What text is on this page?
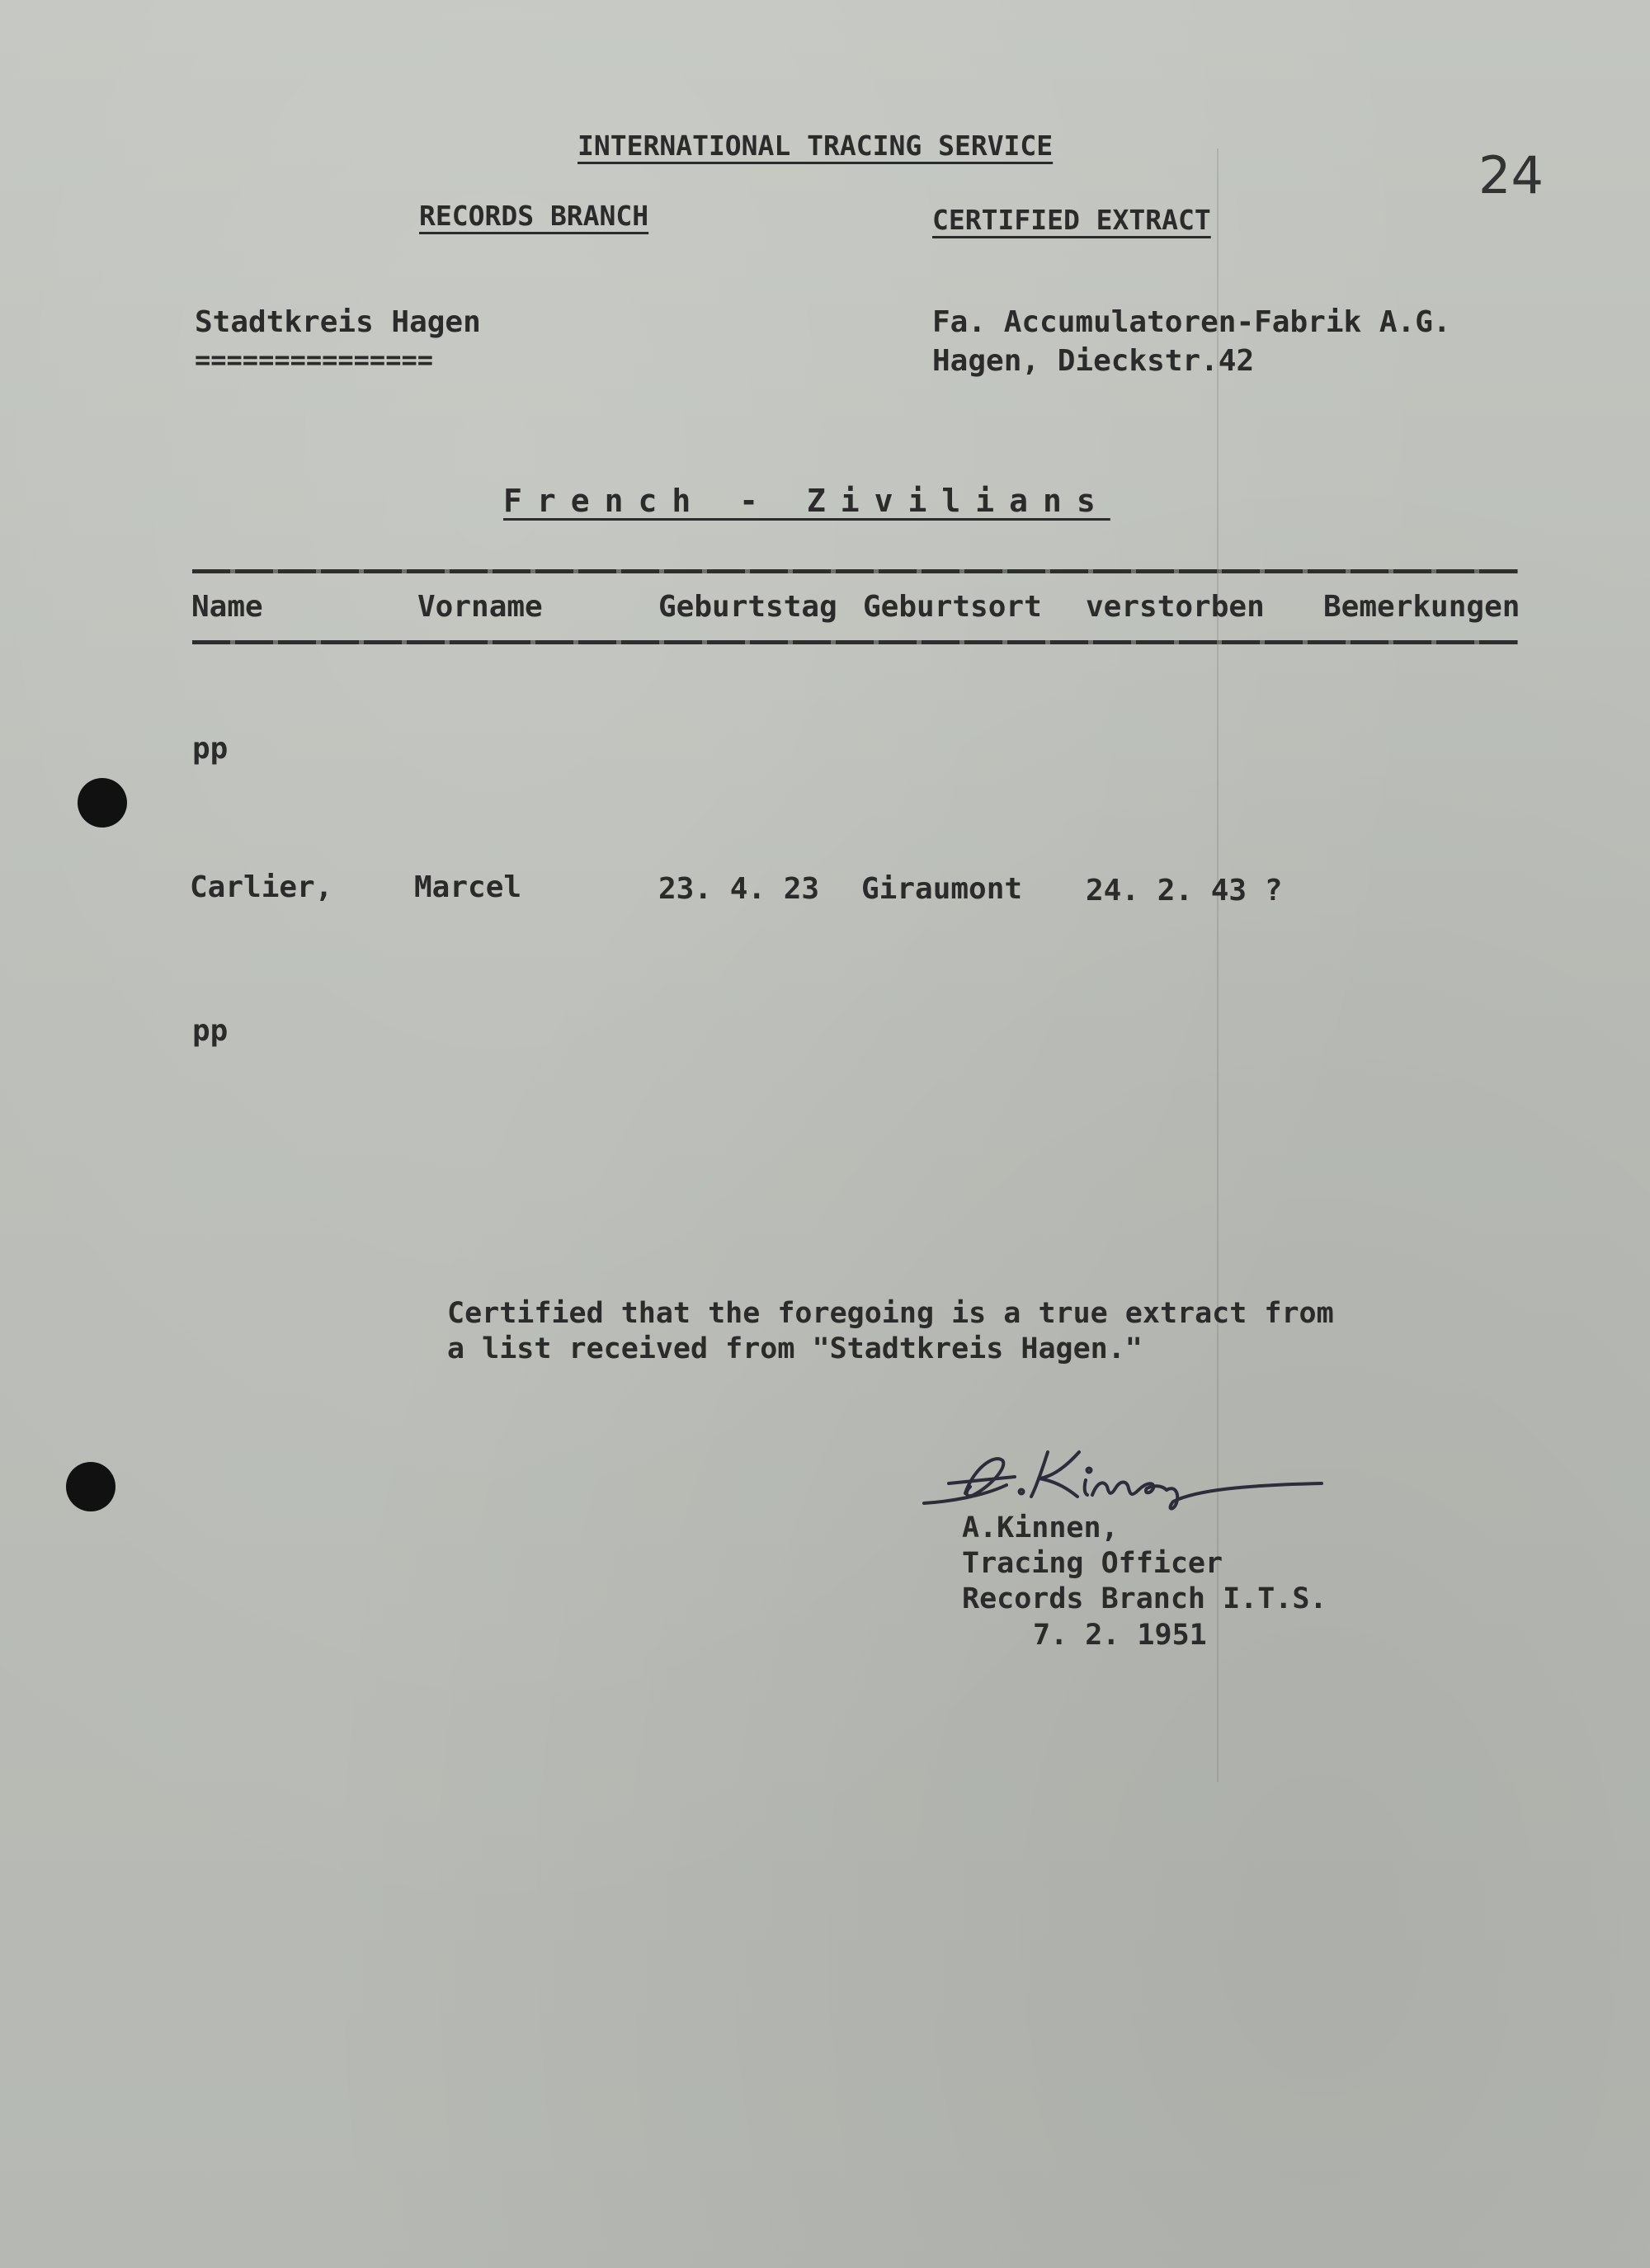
24
INTERNATIONAL TRACING SERVICE
RECORDS BRANCH	CERTIFIED EXTRACT
Stadtkreis Hagen
===============
Fa. Accumulatoren-Fabrik A.G.
Hagen, Dieckstr.42
French - Zivilians
Name	Vorname	Geburtstag Geburtsort verstorben Bemerkungen
pp
Carlier,	Marcel	23. 4. 23 Giraumont 24. 2. 43 ?
pp
Certified that the foregoing is a true extract from
a list received from "Stadtkreis Hagen."
A.Kinnen,
Tracing Officer
Records Branch I.T.S.
7. 2. 1951
